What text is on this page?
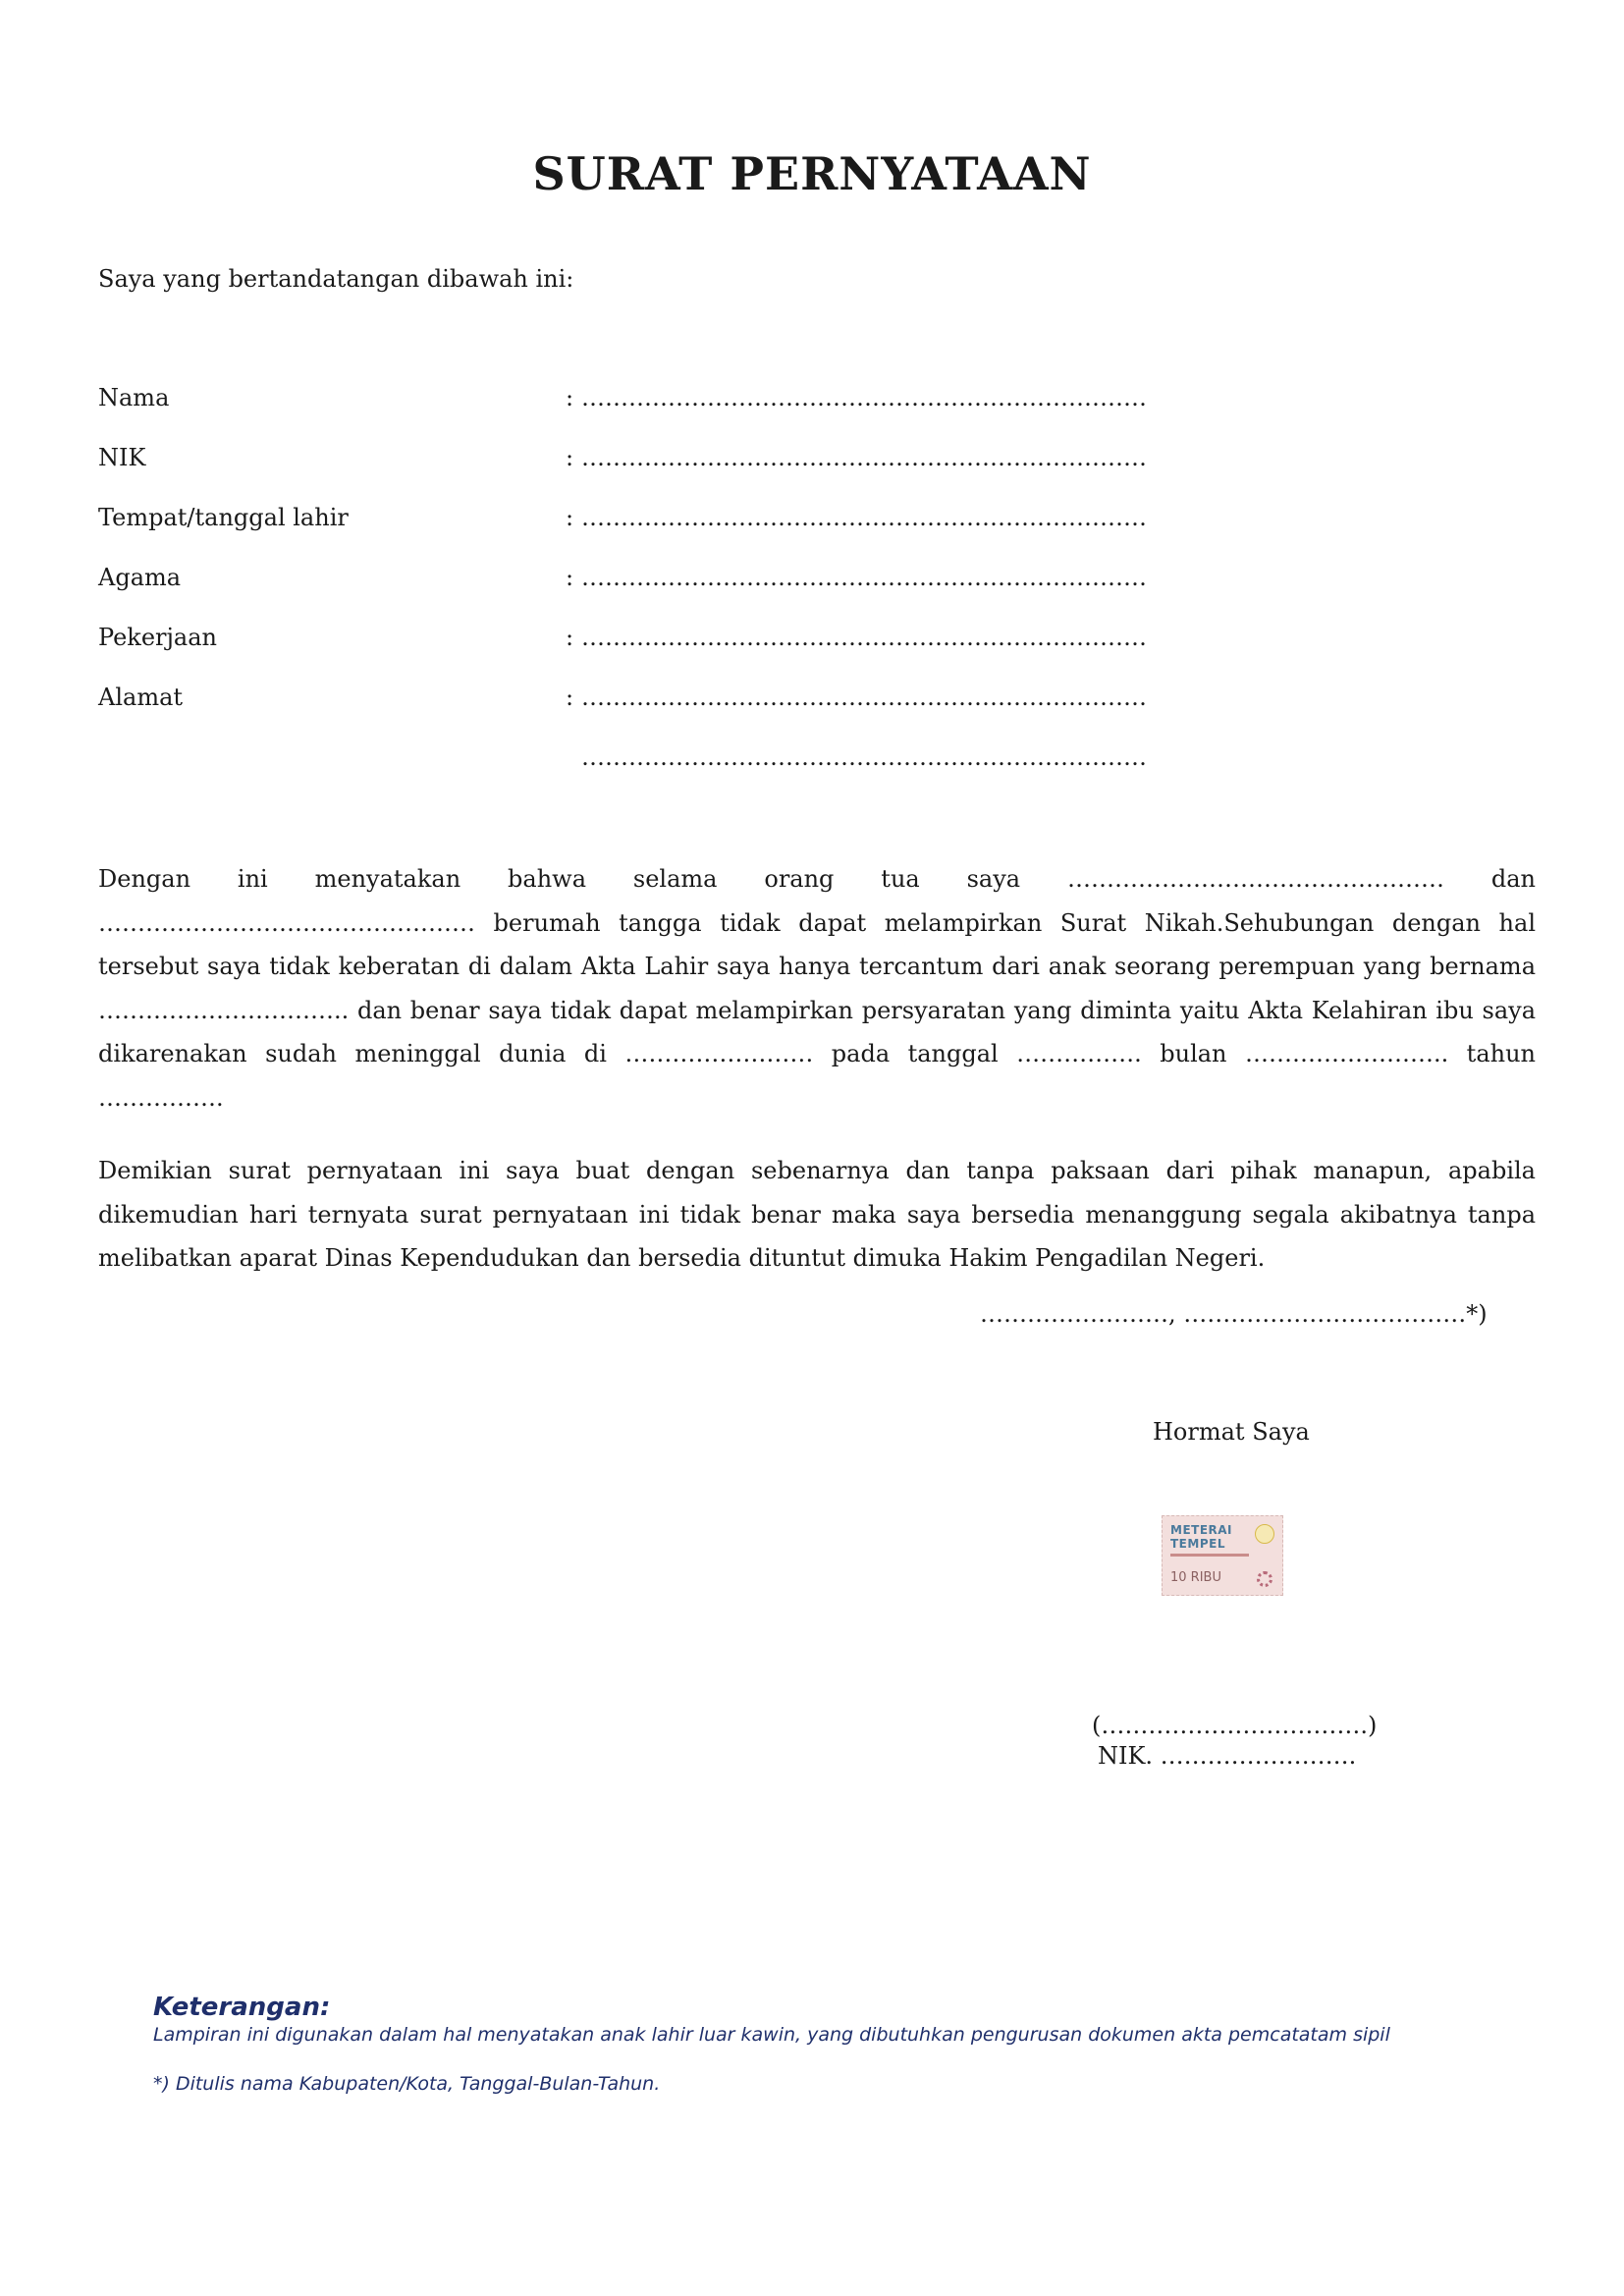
SURAT PERNYATAAN
Saya yang bertandatangan dibawah ini:
Nama	: ………………………………………………………………
NIK	: ………………………………………………………………
Tempat/tanggal lahir	: ………………………………………………………………
Agama	: ………………………………………………………………
Pekerjaan	: ………………………………………………………………
Alamat	: ………………………………………………………………
………………………………………………………………
Dengan ini menyatakan bahwa selama orang tua saya ………………………………………… dan ………………………………………… berumah tangga tidak dapat melampirkan Surat Nikah.Sehubungan dengan hal tersebut saya tidak keberatan di dalam Akta Lahir saya hanya tercantum dari anak seorang perempuan yang bernama ………………………….. dan benar saya tidak dapat melampirkan persyaratan yang diminta yaitu Akta Kelahiran ibu saya dikarenakan sudah meninggal dunia di …………………… pada tanggal ……………. bulan …………………….. tahun …………….
Demikian surat pernyataan ini saya buat dengan sebenarnya dan tanpa paksaan dari pihak manapun, apabila dikemudian hari ternyata surat pernyataan ini tidak benar maka saya bersedia menanggung segala akibatnya tanpa melibatkan aparat Dinas Kependudukan dan bersedia dituntut dimuka Hakim Pengadilan Negeri.
……………………, ………………………………*)
Hormat Saya
METERAI
TEMPEL
10 RIBU
(…………………………….)
NIK. …………………….
Keterangan:
Lampiran ini digunakan dalam hal menyatakan anak lahir luar kawin, yang dibutuhkan pengurusan dokumen akta pemcatatam sipil
*) Ditulis nama Kabupaten/Kota, Tanggal-Bulan-Tahun.
